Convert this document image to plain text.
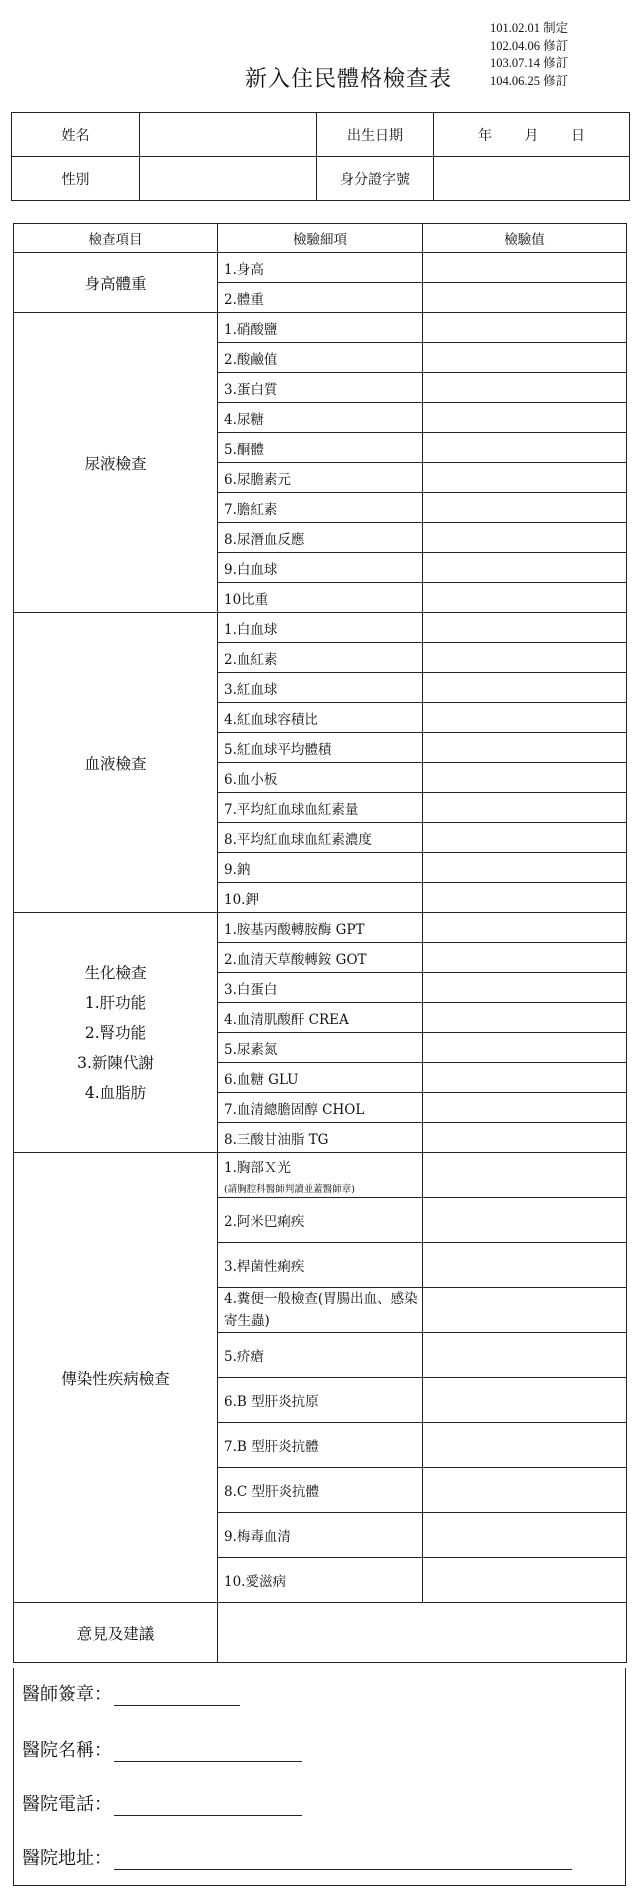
101.02.01 制定
102.04.06 修訂
103.07.14 修訂
104.06.25 修訂
新入住民體格檢查表
姓名		出生日期	年　 　月　　 日
性別		身分證字號	
檢查項目	檢驗細項	檢驗值
身高體重	1.身高	
	2.體重	
尿液檢查	1.硝酸鹽	
	2.酸鹼值	
	3.蛋白質	
	4.尿糖	
	5.酮體	
	6.尿膽素元	
	7.膽紅素	
	8.尿潛血反應	
	9.白血球	
	10比重	
血液檢查	1.白血球	
	2.血紅素	
	3.紅血球	
	4.紅血球容積比	
	5.紅血球平均體積	
	6.血小板	
	7.平均紅血球血紅素量	
	8.平均紅血球血紅素濃度	
	9.鈉	
	10.鉀	

生化檢查
1.肝功能
2.腎功能
3.新陳代謝
4.血脂肪	1.胺基丙酸轉胺酶 GPT	
	2.血清天草酸轉銨 GOT	
	3.白蛋白	
	4.血清肌酸酐 CREA	
	5.尿素氮	
	6.血糖 GLU	
	7.血清總膽固醇 CHOL	
	8.三酸甘油脂 TG	
傳染性疾病檢查	1.胸部Ｘ光
(請胸腔科醫師判讀並蓋醫師章)	

	2.阿米巴痢疾	
	3.桿菌性痢疾	
	4.糞便一般檢查(胃腸出血、感染寄生蟲)	
	5.疥瘡	
	6.B 型肝炎抗原	
	7.B 型肝炎抗體	
	8.C 型肝炎抗體	
	9.梅毒血清	
	10.愛滋病	
意見及建議		
醫師簽章：
醫院名稱：
醫院電話：
醫院地址：
